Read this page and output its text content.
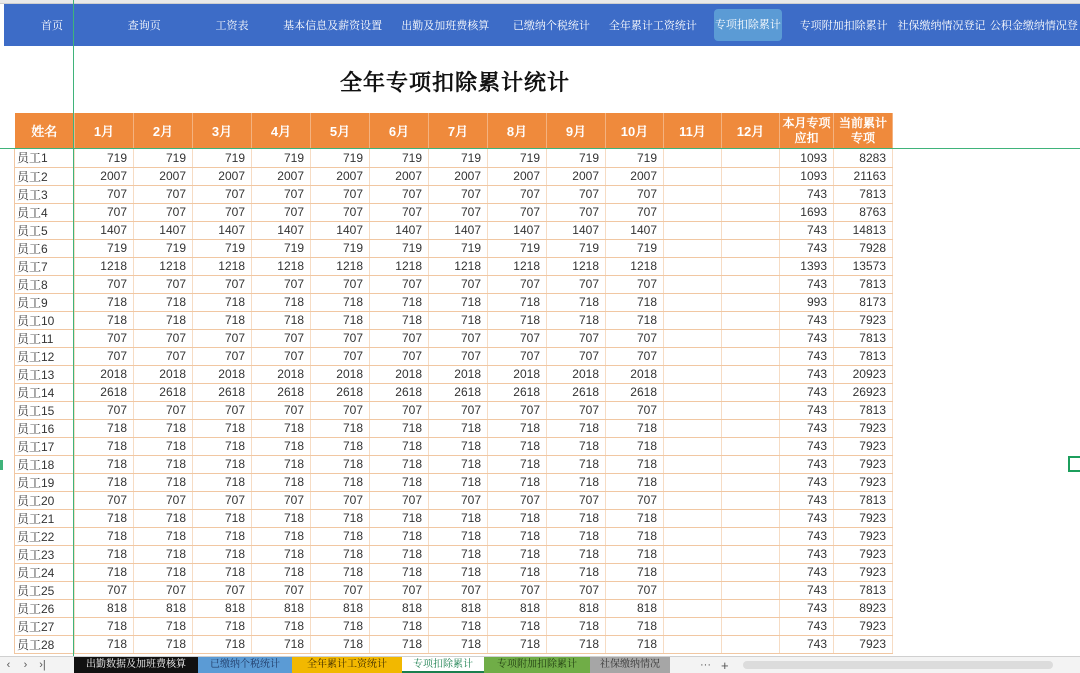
首页	查询页	工资表	基本信息及薪资设置	出勤及加班费核算	已缴纳个税统计	全年累计工资统计	专项扣除累计	专项附加扣除累计 社保缴纳情况登记 公积金缴纳情况登
全年专项扣除累计统计
姓名	1月	2月	3月	4月	5月	6月	7月	8月	9月	10月	11月	12月	本月专项应扣	当前累计专项
员工1	719	719	719	719	719	719	719	719	719	719			1093	8283
员工2	2007	2007	2007	2007	2007	2007	2007	2007	2007	2007			1093	21163
员工3	707	707	707	707	707	707	707	707	707	707			743	7813
员工4	707	707	707	707	707	707	707	707	707	707			1693	8763
员工5	1407	1407	1407	1407	1407	1407	1407	1407	1407	1407			743	14813
员工6	719	719	719	719	719	719	719	719	719	719			743	7928
员工7	1218	1218	1218	1218	1218	1218	1218	1218	1218	1218			1393	13573
员工8	707	707	707	707	707	707	707	707	707	707			743	7813
员工9	718	718	718	718	718	718	718	718	718	718			993	8173
员工10	718	718	718	718	718	718	718	718	718	718			743	7923
员工11	707	707	707	707	707	707	707	707	707	707			743	7813
员工12	707	707	707	707	707	707	707	707	707	707			743	7813
员工13	2018	2018	2018	2018	2018	2018	2018	2018	2018	2018			743	20923
员工14	2618	2618	2618	2618	2618	2618	2618	2618	2618	2618			743	26923
员工15	707	707	707	707	707	707	707	707	707	707			743	7813
员工16	718	718	718	718	718	718	718	718	718	718			743	7923
员工17	718	718	718	718	718	718	718	718	718	718			743	7923
员工18	718	718	718	718	718	718	718	718	718	718			743	7923
员工19	718	718	718	718	718	718	718	718	718	718			743	7923
员工20	707	707	707	707	707	707	707	707	707	707			743	7813
员工21	718	718	718	718	718	718	718	718	718	718			743	7923
员工22	718	718	718	718	718	718	718	718	718	718			743	7923
员工23	718	718	718	718	718	718	718	718	718	718			743	7923
员工24	718	718	718	718	718	718	718	718	718	718			743	7923
员工25	707	707	707	707	707	707	707	707	707	707			743	7813
员工26	818	818	818	818	818	818	818	818	818	818			743	8923
员工27	718	718	718	718	718	718	718	718	718	718			743	7923
员工28	718	718	718	718	718	718	718	718	718	718			743	7923
‹	›	›|	出勤数据及加班费核算	已缴纳个税统计	全年累计工资统计	专项扣除累计	专项附加扣除累计	社保缴纳情况	··· +
